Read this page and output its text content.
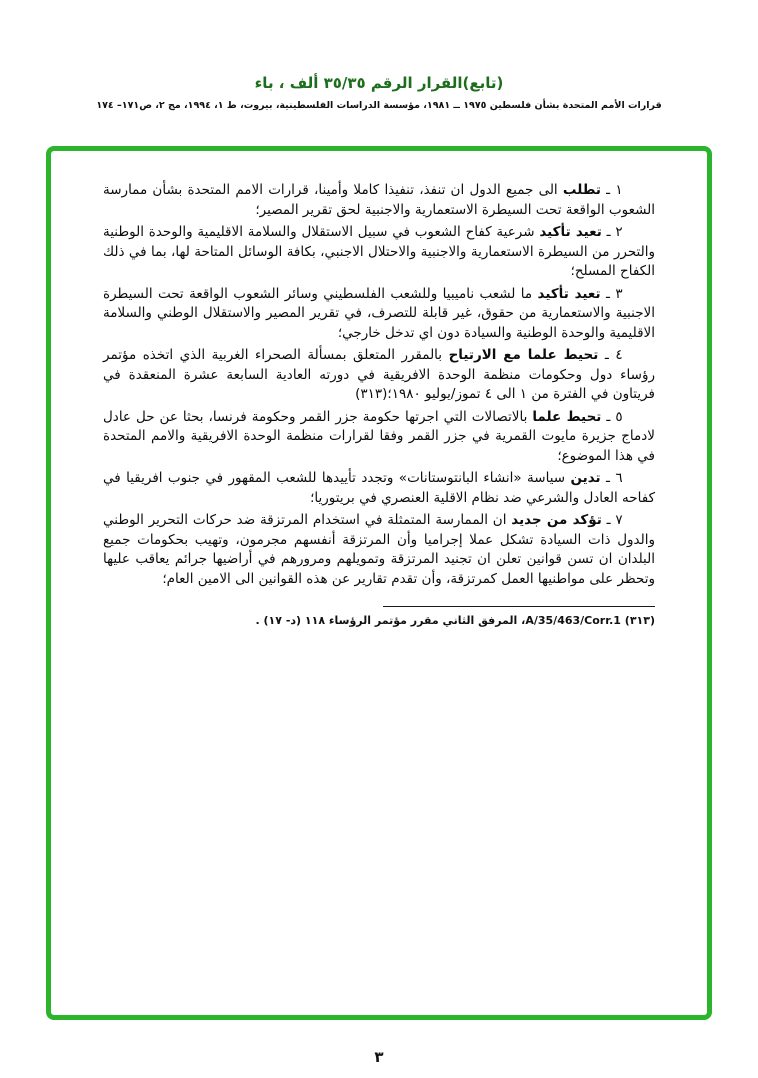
(تابع)القرار الرقم ٣٥/٣٥ ألف ، باء
قرارات الأمم المتحدة بشأن فلسطين ١٩٧٥ ــ ١٩٨١، مؤسسة الدراسات الفلسطينية، بيروت، ط ١، ١٩٩٤، مج ٢، ص١٧١– ١٧٤

١ ـ تطلب الى جميع الدول ان تنفذ، تنفيذا كاملا وأمينا، قرارات الامم المتحدة بشأن ممارسة الشعوب الواقعة تحت السيطرة الاستعمارية والاجنبية لحق تقرير المصير؛

٢ ـ تعيد تأكيد شرعية كفاح الشعوب في سبيل الاستقلال والسلامة الاقليمية والوحدة الوطنية والتحرر من السيطرة الاستعمارية والاجنبية والاحتلال الاجنبي، بكافة الوسائل المتاحة لها، بما في ذلك الكفاح المسلح؛

٣ ـ تعيد تأكيد ما لشعب ناميبيا وللشعب الفلسطيني وسائر الشعوب الواقعة تحت السيطرة الاجنبية والاستعمارية من حقوق، غير قابلة للتصرف، في تقرير المصير والاستقلال الوطني والسلامة الاقليمية والوحدة الوطنية والسيادة دون اي تدخل خارجي؛

٤ ـ تحيط علما مع الارتياح بالمقرر المتعلق بمسألة الصحراء الغربية الذي اتخذه مؤتمر رؤساء دول وحكومات منظمة الوحدة الافريقية في دورته العادية السابعة عشرة المنعقدة في فريتاون في الفترة من ١ الى ٤ تموز/يوليو ١٩٨٠؛(٣١٣)

٥ ـ تحيط علما بالاتصالات التي اجرتها حكومة جزر القمر وحكومة فرنسا، بحثا عن حل عادل لادماج جزيرة مايوت القمرية في جزر القمر وفقا لقرارات منظمة الوحدة الافريقية والامم المتحدة في هذا الموضوع؛

٦ ـ تدين سياسة «انشاء البانتوستانات» وتجدد تأييدها للشعب المقهور في جنوب افريقيا في كفاحه العادل والشرعي ضد نظام الاقلية العنصري في بريتوريا؛

٧ ـ تؤكد من جديد ان الممارسة المتمثلة في استخدام المرتزقة ضد حركات التحرير الوطني والدول ذات السيادة تشكل عملا إجراميا وأن المرتزقة أنفسهم مجرمون، وتهيب بحكومات جميع البلدان ان تسن قوانين تعلن ان تجنيد المرتزقة وتمويلهم ومرورهم في أراضيها جرائم يعاقب عليها وتحظر على مواطنيها العمل كمرتزقة، وأن تقدم تقارير عن هذه القوانين الى الامين العام؛

(٣١٣) A/35/463/Corr.1، المرفق الثاني مقرر مؤتمر الرؤساء ١١٨ (د- ١٧) .
٣
